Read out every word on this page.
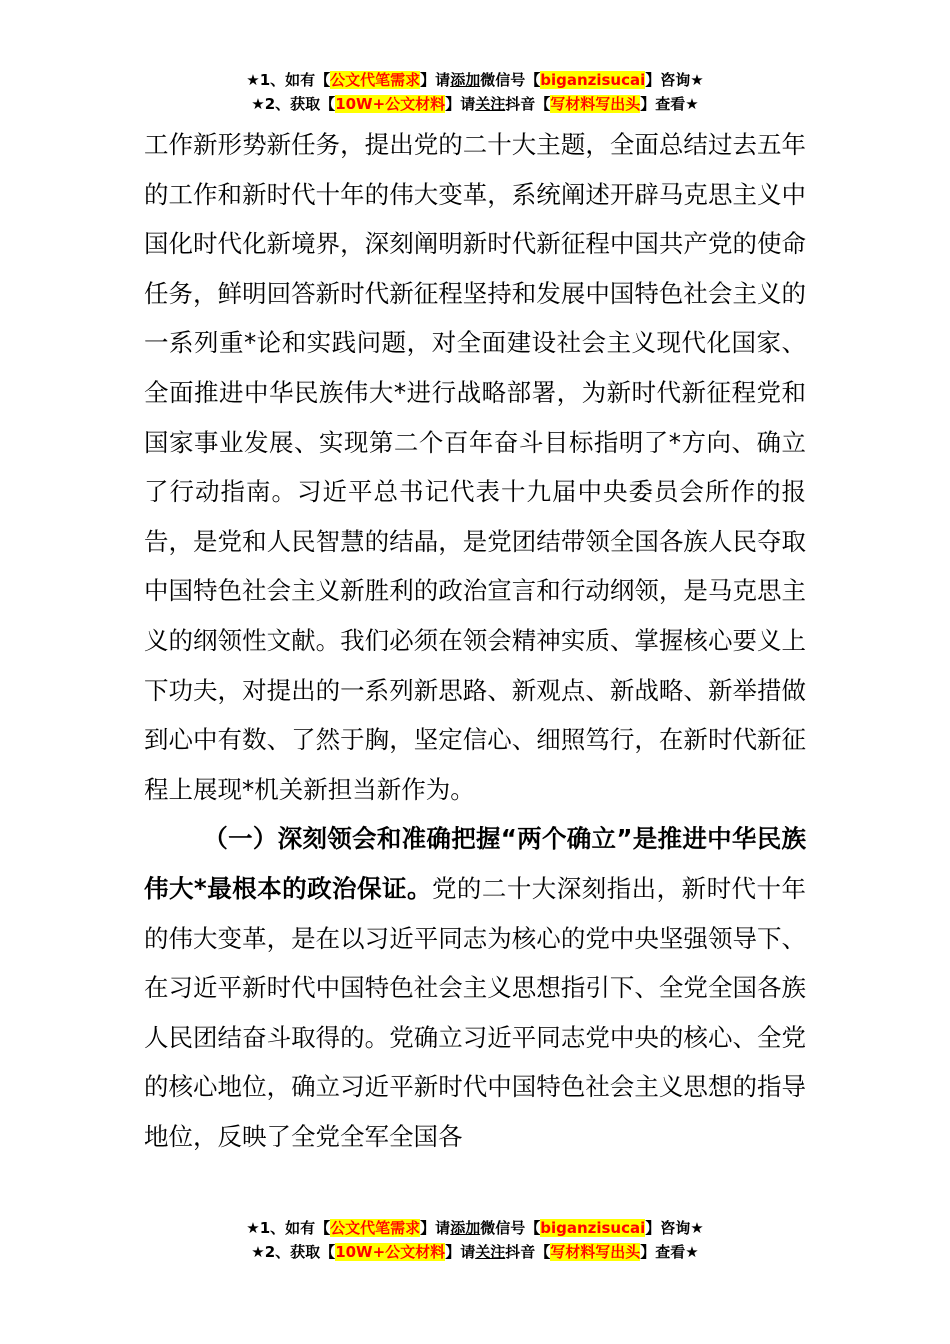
★1、如有【公文代笔需求】请添加微信号【biganzisucai】咨询★
★2、获取【10W+公文材料】请关注抖音【写材料写出头】查看★

工作新形势新任务，提出党的二十大主题，全面总结过去五年的工作和新时代十年的伟大变革，系统阐述开辟马克思主义中国化时代化新境界，深刻阐明新时代新征程中国共产党的使命任务，鲜明回答新时代新征程坚持和发展中国特色社会主义的一系列重*论和实践问题，对全面建设社会主义现代化国家、全面推进中华民族伟大*进行战略部署，为新时代新征程党和国家事业发展、实现第二个百年奋斗目标指明了*方向、确立了行动指南。习近平总书记代表十九届中央委员会所作的报告，是党和人民智慧的结晶，是党团结带领全国各族人民夺取中国特色社会主义新胜利的政治宣言和行动纲领，是马克思主义的纲领性文献。我们必须在领会精神实质、掌握核心要义上下功夫，对提出的一系列新思路、新观点、新战略、新举措做到心中有数、了然于胸，坚定信心、细照笃行，在新时代新征程上展现*机关新担当新作为。

（一）深刻领会和准确把握“两个确立”是推进中华民族伟大*最根本的政治保证。党的二十大深刻指出，新时代十年的伟大变革，是在以习近平同志为核心的党中央坚强领导下、在习近平新时代中国特色社会主义思想指引下、全党全国各族人民团结奋斗取得的。党确立习近平同志党中央的核心、全党的核心地位，确立习近平新时代中国特色社会主义思想的指导地位，反映了全党全军全国各

★1、如有【公文代笔需求】请添加微信号【biganzisucai】咨询★
★2、获取【10W+公文材料】请关注抖音【写材料写出头】查看★
